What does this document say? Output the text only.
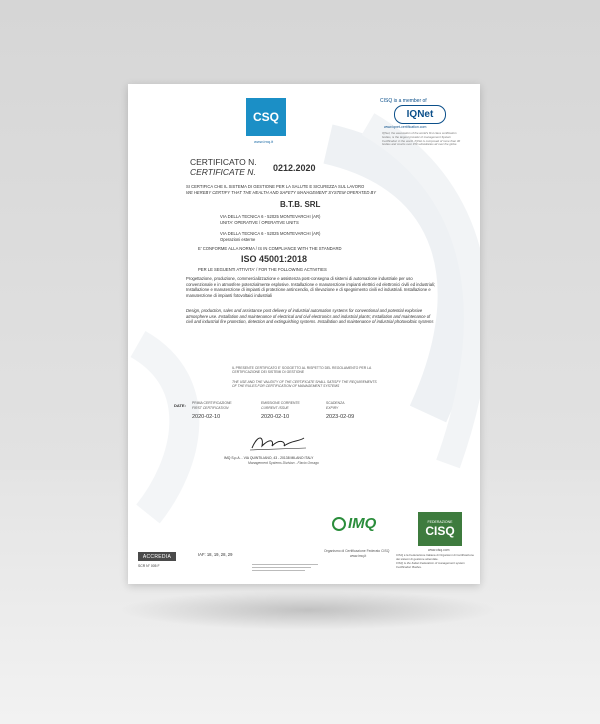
CSQ
www.imq.it
CISQ is a member of
IQNet
www.iqnet-certification.com
IQNet, the association of the world's first class certification bodies, is the largest provider of management System Certification in the world. IQNet is composed of more than 30 bodies and counts over 150 subsidiaries all over the globe.
CERTIFICATO N.
CERTIFICATE N. 0212.2020
SI CERTIFICA CHE IL SISTEMA DI GESTIONE PER LA SALUTE E SICUREZZA SUL LAVORO
WE HEREBY CERTIFY THAT THE HEALTH AND SAFETY MANAGEMENT SYSTEM OPERATED BY
B.T.B. SRL
VIA DELLA TECNICA 6 - 52025 MONTEVARCHI (AR)
UNITA' OPERATIVE / OPERATIVE UNITS
VIA DELLA TECNICA 6 - 52025 MONTEVARCHI (AR)
Operazioni esterne
E' CONFORME ALLA NORMA / IS IN COMPLIANCE WITH THE STANDARD
ISO 45001:2018
PER LE SEGUENTI ATTIVITA' / FOR THE FOLLOWING ACTIVITIES
Progettazione, produzione, commercializzazione e assistenza post-consegna di sistemi di automazione industriale per uso convenzionale e in atmosfere potenzialmente esplosive. Installazione e manutenzione impianti elettrici ed elettronici civili ed industriali; Installazione e manutenzione di impianti di protezione antincendio, di rilevazione e di spegnimento civili ed industriali. Installazione e manutenzione di impianti fotovoltaici industriali
Design, production, sales and assistance post delivery of industrial automation systems for conventional and potential explosive atmosphere use. Installation and maintenance of electrical and civil electronics and industrial plants; Installation and maintenance of civil and industrial fire protection, detection and extinguishing systems. Installation and maintenance of industrial photovoltaic systems
IL PRESENTE CERTIFICATO E' SOGGETTO AL RISPETTO DEL REGOLAMENTO PER LA CERTIFICAZIONE DEI SISTEMI DI GESTIONE
THE USE AND THE VALIDITY OF THE CERTIFICATE SHALL SATISFY THE REQUIREMENTS OF THE RULES FOR CERTIFICATION OF MANAGEMENT SYSTEMS
DATE: PRIMA CERTIFICAZIONE
FIRST CERTIFICATION
2020-02-10
EMISSIONE CORRENTE
CURRENT ISSUE
2020-02-10
SCADENZA
EXPIRY
2023-02-09
IMQ S.p.A. - VIA QUINTILIANO, 43 - 20138 MILANO ITALY
Management Systems Division - Flavio Ornago
IMQ
Organismo di Certificazione Federato CISQ
www.imq.it
FEDERAZIONE
CISQ
www.cisq.com
CISQ è la Federazione Italiana di Organismi di Certificazione dei sistemi di gestione aziendale.
CISQ is the Italian Federation of management system Certification Bodies.
ACCREDIA
SCR N° 005 F
IAF: 18, 19, 28, 29
